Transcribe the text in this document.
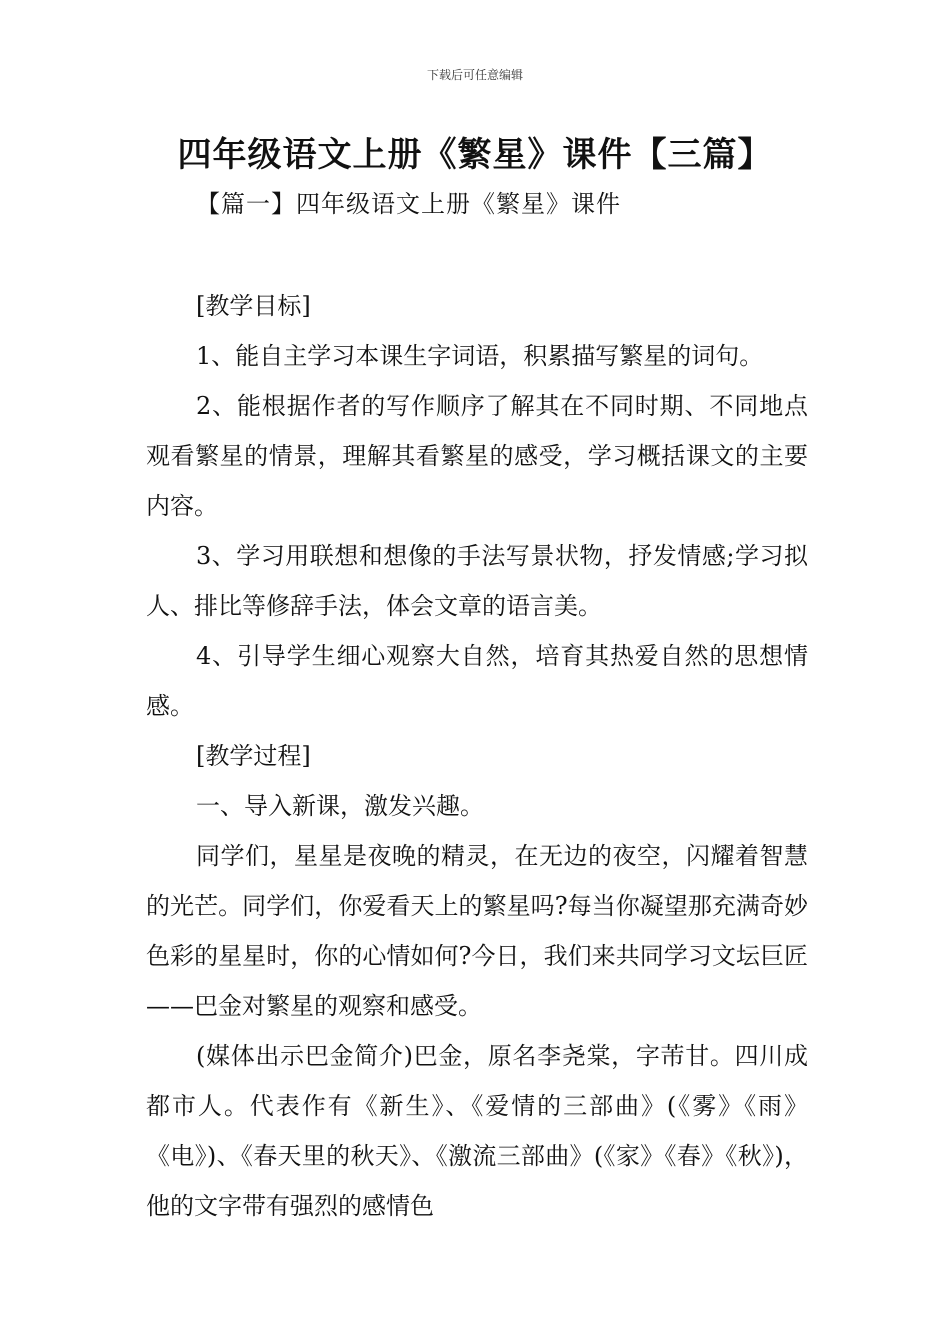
下载后可任意编辑
四年级语文上册《繁星》课件【三篇】
【篇一】四年级语文上册《繁星》课件

[教学目标]

1、能自主学习本课生字词语，积累描写繁星的词句。

2、能根据作者的写作顺序了解其在不同时期、不同地点观看繁星的情景，理解其看繁星的感受，学习概括课文的主要内容。

3、学习用联想和想像的手法写景状物，抒发情感;学习拟人、排比等修辞手法，体会文章的语言美。

4、引导学生细心观察大自然，培育其热爱自然的思想情感。

[教学过程]

一、导入新课，激发兴趣。

同学们，星星是夜晚的精灵，在无边的夜空，闪耀着智慧的光芒。同学们，你爱看天上的繁星吗?每当你凝望那充满奇妙色彩的星星时，你的心情如何?今日，我们来共同学习文坛巨匠——巴金对繁星的观察和感受。

(媒体出示巴金简介)巴金，原名李尧棠，字芾甘。四川成都市人。代表作有《新生》、《爱情的三部曲》(《雾》《雨》《电》)、《春天里的秋天》、《激流三部曲》(《家》《春》《秋》)，他的文字带有强烈的感情色
